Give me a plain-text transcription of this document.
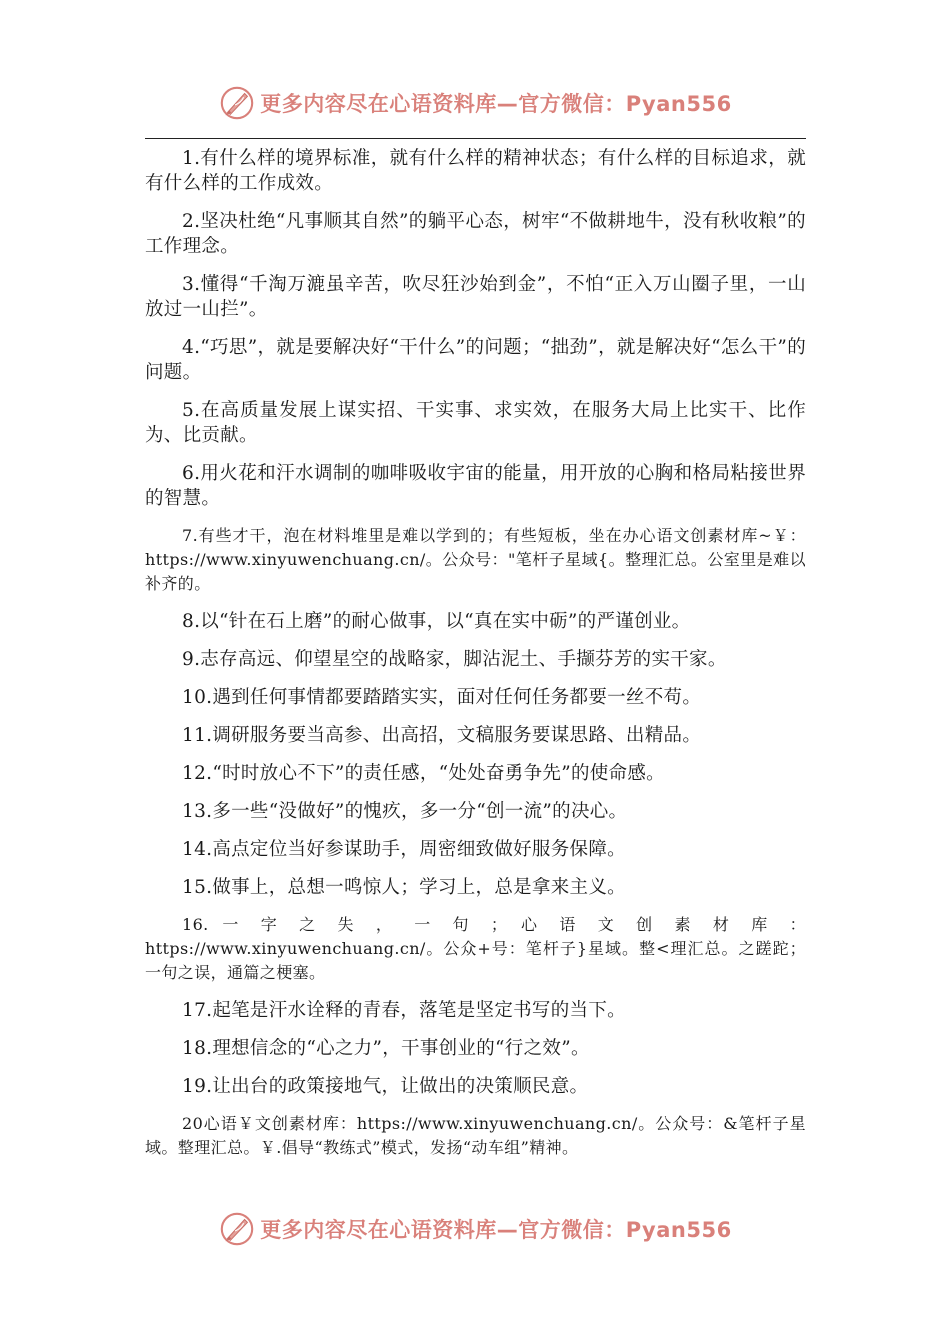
更多内容尽在心语资料库—官方微信：Pyan556

1.有什么样的境界标准，就有什么样的精神状态；有什么样的目标追求，就有什么样的工作成效。

2.坚决杜绝“凡事顺其自然”的躺平心态，树牢“不做耕地牛，没有秋收粮”的工作理念。

3.懂得“千淘万漉虽辛苦，吹尽狂沙始到金”，不怕“正入万山圈子里，一山放过一山拦”。

4.“巧思”，就是要解决好“干什么”的问题；“拙劲”，就是解决好“怎么干”的问题。

5.在高质量发展上谋实招、干实事、求实效，在服务大局上比实干、比作为、比贡献。

6.用火花和汗水调制的咖啡吸收宇宙的能量，用开放的心胸和格局粘接世界的智慧。

7.有些才干，泡在材料堆里是难以学到的；有些短板，坐在办心语文创素材库~￥：https://www.xinyuwenchuang.cn/。公众号："笔杆子星域{。整理汇总。公室里是难以补齐的。

8.以“针在石上磨”的耐心做事，以“真在实中砺”的严谨创业。

9.志存高远、仰望星空的战略家，脚沾泥土、手撷芬芳的实干家。

10.遇到任何事情都要踏踏实实，面对任何任务都要一丝不苟。

11.调研服务要当高参、出高招，文稿服务要谋思路、出精品。

12.“时时放心不下”的责任感，“处处奋勇争先”的使命感。

13.多一些“没做好”的愧疚，多一分“创一流”的决心。

14.高点定位当好参谋助手，周密细致做好服务保障。

15.做事上，总想一鸣惊人；学习上，总是拿来主义。

16. 一 字 之 失 ， 一 句 ； 心 语 文 创 素 材 库 ： https://www.xinyuwenchuang.cn/。公众+号：笔杆子}星域。整<理汇总。之蹉跎；一句之误，通篇之梗塞。

17.起笔是汗水诠释的青春，落笔是坚定书写的当下。

18.理想信念的“心之力”，干事创业的“行之效”。

19.让出台的政策接地气，让做出的决策顺民意。

20心语￥文创素材库：https://www.xinyuwenchuang.cn/。公众号：&笔杆子星域。整理汇总。￥.倡导“教练式”模式，发扬“动车组”精神。

更多内容尽在心语资料库—官方微信：Pyan556
